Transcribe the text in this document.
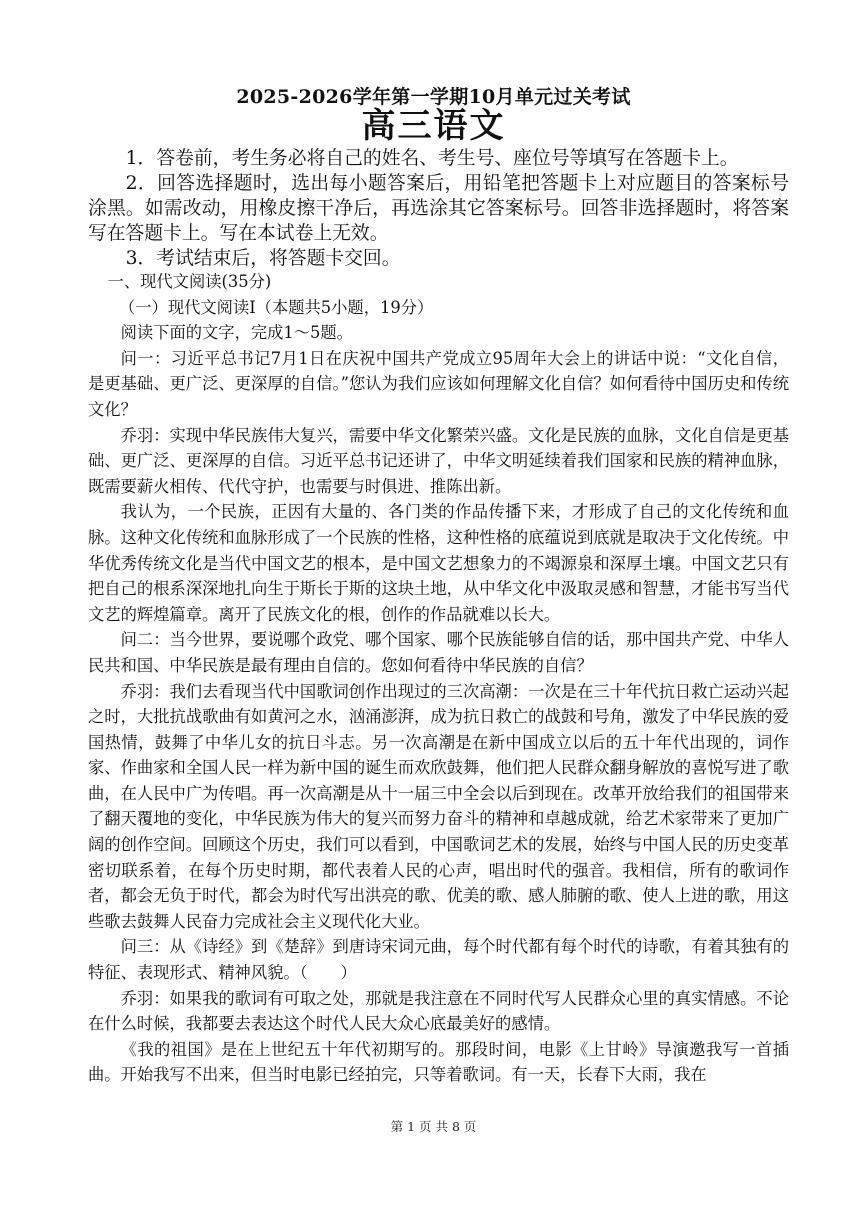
2025-2026学年第一学期10月单元过关考试
高三语文

1．答卷前，考生务必将自己的姓名、考生号、座位号等填写在答题卡上。

2．回答选择题时，选出每小题答案后，用铅笔把答题卡上对应题目的答案标号涂黑。如需改动，用橡皮擦干净后，再选涂其它答案标号。回答非选择题时，将答案写在答题卡上。写在本试卷上无效。

3．考试结束后，将答题卡交回。

一、现代文阅读(35分)

（一）现代文阅读Ⅰ（本题共5小题，19分）

阅读下面的文字，完成1～5题。

问一：习近平总书记7月1日在庆祝中国共产党成立95周年大会上的讲话中说：“文化自信，是更基础、更广泛、更深厚的自信。”您认为我们应该如何理解文化自信？如何看待中国历史和传统文化？

乔羽：实现中华民族伟大复兴，需要中华文化繁荣兴盛。文化是民族的血脉，文化自信是更基础、更广泛、更深厚的自信。习近平总书记还讲了，中华文明延续着我们国家和民族的精神血脉，既需要薪火相传、代代守护，也需要与时俱进、推陈出新。

我认为，一个民族，正因有大量的、各门类的作品传播下来，才形成了自己的文化传统和血脉。这种文化传统和血脉形成了一个民族的性格，这种性格的底蕴说到底就是取决于文化传统。中华优秀传统文化是当代中国文艺的根本，是中国文艺想象力的不竭源泉和深厚土壤。中国文艺只有把自己的根系深深地扎向生于斯长于斯的这块土地，从中华文化中汲取灵感和智慧，才能书写当代文艺的辉煌篇章。离开了民族文化的根，创作的作品就难以长大。

问二：当今世界，要说哪个政党、哪个国家、哪个民族能够自信的话，那中国共产党、中华人民共和国、中华民族是最有理由自信的。您如何看待中华民族的自信？

乔羽：我们去看现当代中国歌词创作出现过的三次高潮：一次是在三十年代抗日救亡运动兴起之时，大批抗战歌曲有如黄河之水，汹涌澎湃，成为抗日救亡的战鼓和号角，激发了中华民族的爱国热情，鼓舞了中华儿女的抗日斗志。另一次高潮是在新中国成立以后的五十年代出现的，词作家、作曲家和全国人民一样为新中国的诞生而欢欣鼓舞，他们把人民群众翻身解放的喜悦写进了歌曲，在人民中广为传唱。再一次高潮是从十一届三中全会以后到现在。改革开放给我们的祖国带来了翻天覆地的变化，中华民族为伟大的复兴而努力奋斗的精神和卓越成就，给艺术家带来了更加广阔的创作空间。回顾这个历史，我们可以看到，中国歌词艺术的发展，始终与中国人民的历史变革密切联系着，在每个历史时期，都代表着人民的心声，唱出时代的强音。我相信，所有的歌词作者，都会无负于时代，都会为时代写出洪亮的歌、优美的歌、感人肺腑的歌、使人上进的歌，用这些歌去鼓舞人民奋力完成社会主义现代化大业。

问三：从《诗经》到《楚辞》到唐诗宋词元曲，每个时代都有每个时代的诗歌，有着其独有的特征、表现形式、精神风貌。（　　）

乔羽：如果我的歌词有可取之处，那就是我注意在不同时代写人民群众心里的真实情感。不论在什么时候，我都要去表达这个时代人民大众心底最美好的感情。

《我的祖国》是在上世纪五十年代初期写的。那段时间，电影《上甘岭》导演邀我写一首插曲。开始我写不出来，但当时电影已经拍完，只等着歌词。有一天，长春下大雨，我在

第 1 页 共 8 页
